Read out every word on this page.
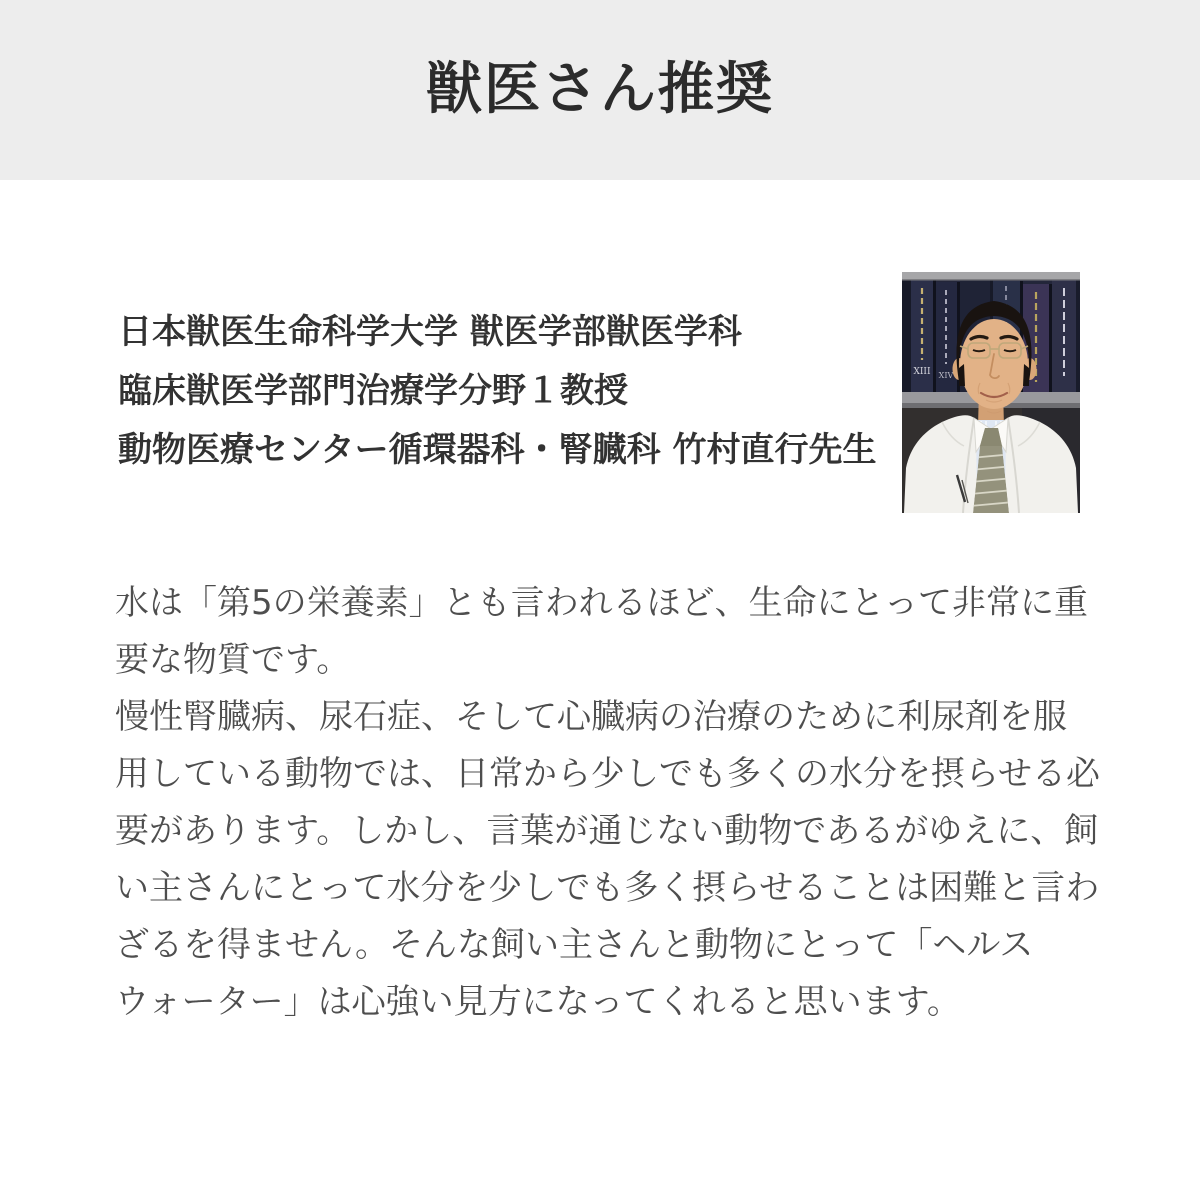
獣医さん推奨
日本獣医生命科学大学 獣医学部獣医学科
臨床獣医学部門治療学分野１教授
動物医療センター循環器科・腎臓科 竹村直行先生
XIII XIV
水は「第5の栄養素」とも言われるほど、生命にとって非常に重
要な物質です。
慢性腎臓病、尿石症、そして心臓病の治療のために利尿剤を服
用している動物では、日常から少しでも多くの水分を摂らせる必
要があります。しかし、言葉が通じない動物であるがゆえに、飼
い主さんにとって水分を少しでも多く摂らせることは困難と言わ
ざるを得ません。そんな飼い主さんと動物にとって「ヘルス
ウォーター」は心強い見方になってくれると思います。
